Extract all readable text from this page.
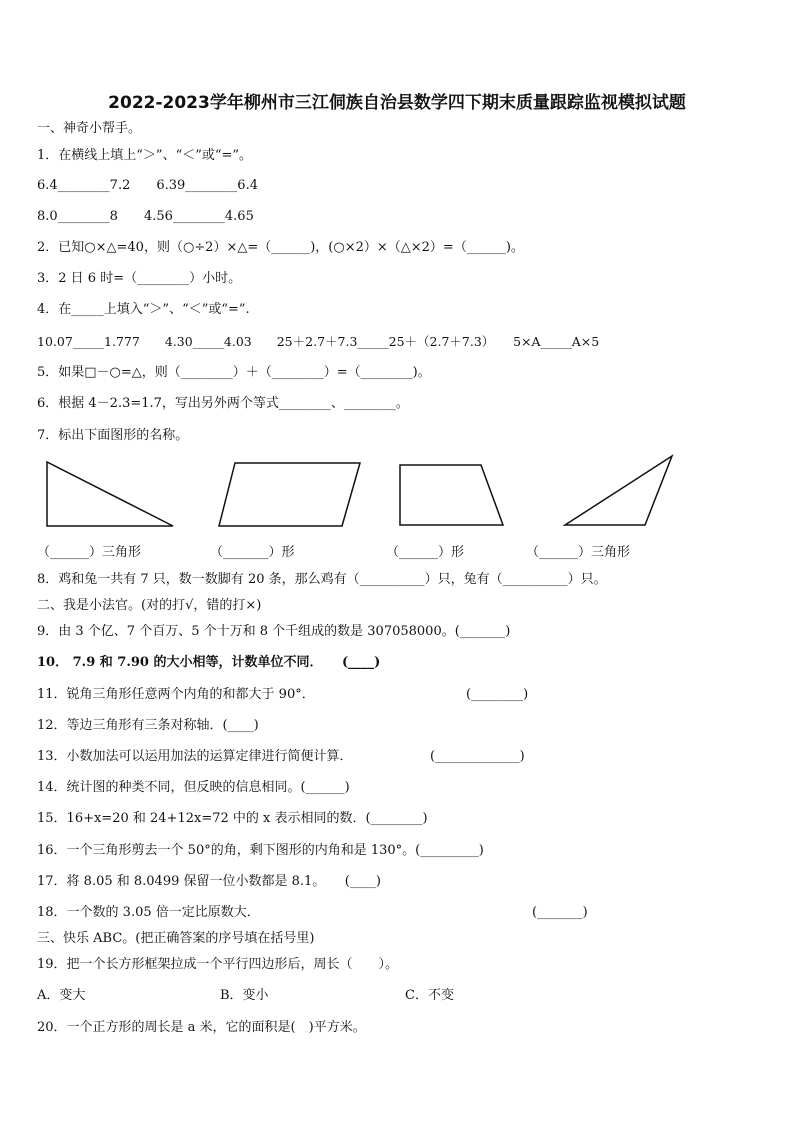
2022-2023学年柳州市三江侗族自治县数学四下期末质量跟踪监视模拟试题
一、神奇小帮手。
1．在横线上填上“＞”、“＜”或“=”。
6.4________7.2　　6.39________6.4
8.0________8　　4.56________4.65
2．已知○×△=40，则（○÷2）×△=（______)，(○×2）×（△×2）=（______)。
3．2 日 6 时=（________）小时。
4．在_____上填入“＞”、“＜”或“=”.
10.07_____1.777　　4.30_____4.03　　25＋2.7＋7.3_____25＋（2.7＋7.3）　　5×A_____A×5
5．如果□－○=△，则（________）＋（________）=（________)。
6．根据 4－2.3=1.7，写出另外两个等式________、________。
7．标出下面图形的名称。
（______）三角形	（_______）形	（______）形	（______）三角形
8．鸡和兔一共有 7 只，数一数脚有 20 条，那么鸡有（__________）只，兔有（__________）只。
二、我是小法官。(对的打√，错的打×)
9．由 3 个亿、7 个百万、5 个十万和 8 个千组成的数是 307058000。(_______)
10． 7.9 和 7.90 的大小相等，计数单位不同．　　(____)
11．锐角三角形任意两个内角的和都大于 90°．	(________)
12．等边三角形有三条对称轴．(____)
13．小数加法可以运用加法的运算定律进行简便计算．	(_____________)
14．统计图的种类不同，但反映的信息相同。(______)
15．16+x=20 和 24+12x=72 中的 x 表示相同的数．(________)
16．一个三角形剪去一个 50°的角，剩下图形的内角和是 130°。(_________)
17．将 8.05 和 8.0499 保留一位小数都是 8.1。　　(____)
18．一个数的 3.05 倍一定比原数大．	(_______)
三、快乐 ABC。(把正确答案的序号填在括号里)
19．把一个长方形框架拉成一个平行四边形后，周长（　　）。
A．变大	B．变小	C．不变
20．一个正方形的周长是 a 米，它的面积是(　)平方米。
